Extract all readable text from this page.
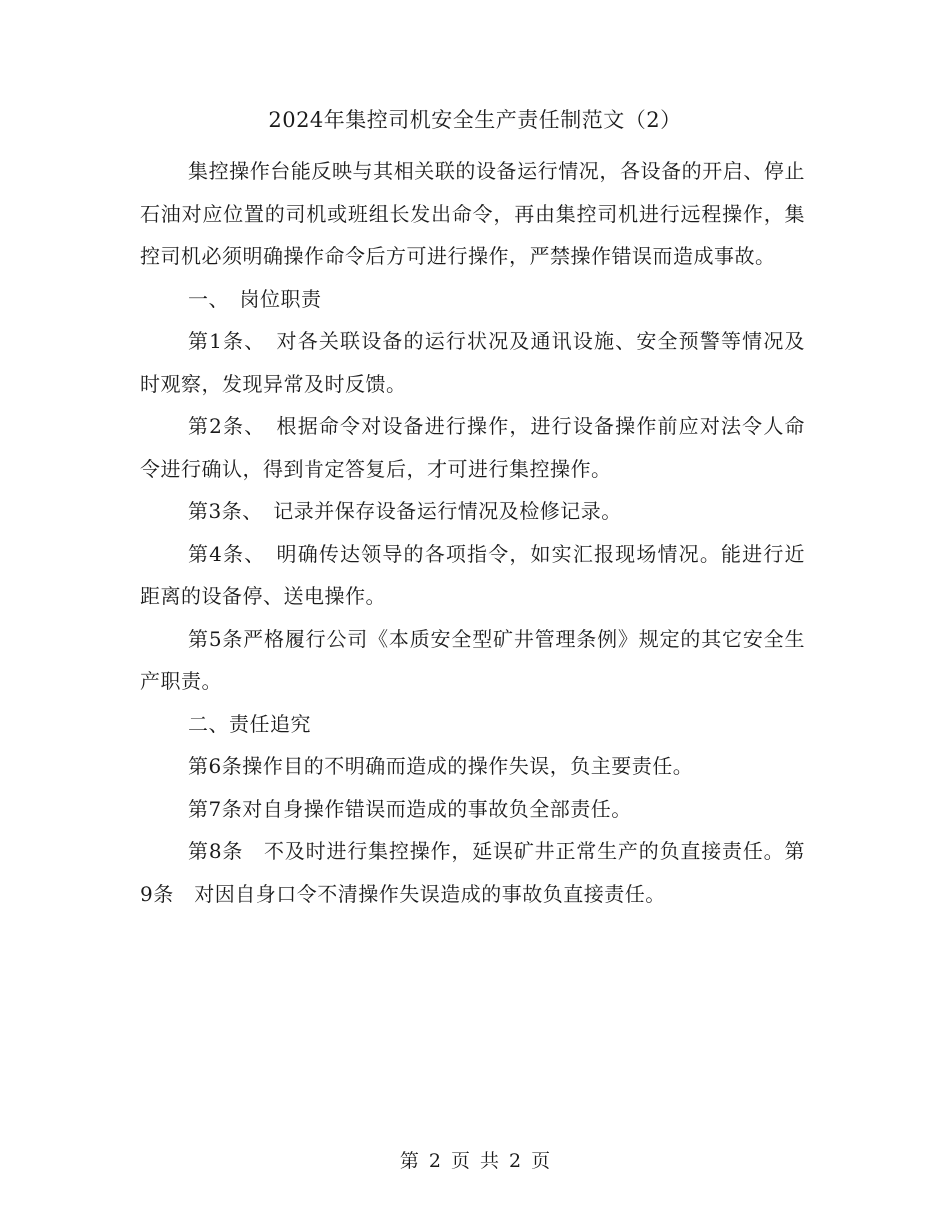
2024年集控司机安全生产责任制范文（2）

集控操作台能反映与其相关联的设备运行情况，各设备的开启、停止石油对应位置的司机或班组长发出命令，再由集控司机进行远程操作，集控司机必须明确操作命令后方可进行操作，严禁操作错误而造成事故。

一、　岗位职责

第1条、　对各关联设备的运行状况及通讯设施、安全预警等情况及时观察，发现异常及时反馈。

第2条、　根据命令对设备进行操作，进行设备操作前应对法令人命令进行确认，得到肯定答复后，才可进行集控操作。

第3条、　记录并保存设备运行情况及检修记录。

第4条、　明确传达领导的各项指令，如实汇报现场情况。能进行近距离的设备停、送电操作。

第5条严格履行公司《本质安全型矿井管理条例》规定的其它安全生产职责。

二、责任追究

第6条操作目的不明确而造成的操作失误，负主要责任。

第7条对自身操作错误而造成的事故负全部责任。

第8条　不及时进行集控操作，延误矿井正常生产的负直接责任。第9条　对因自身口令不清操作失误造成的事故负直接责任。

第 2 页 共 2 页
